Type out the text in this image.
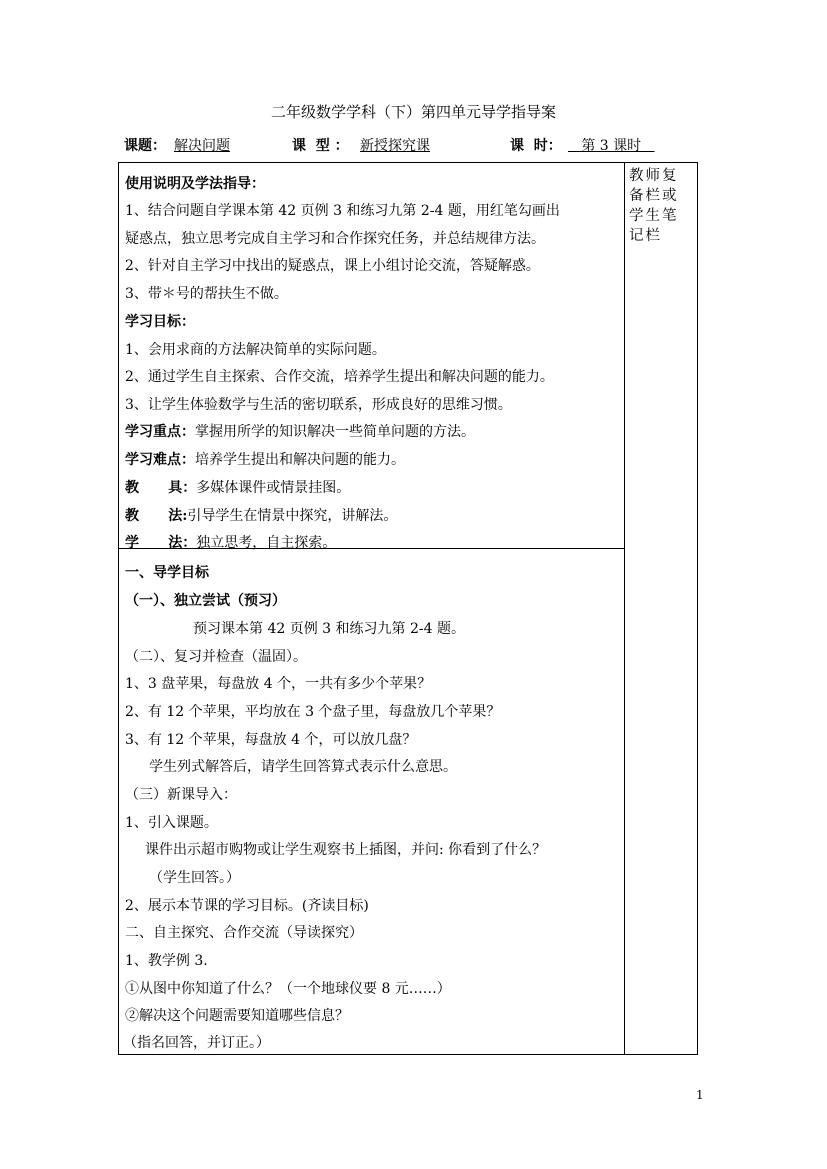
二年级数学学科（下）第四单元导学指导案
课题： 解决问题	课  型 ： 新授探究课	课  时： 第 3 课时
教师复备栏或学生笔记栏
使用说明及学法指导：
1、结合问题自学课本第 42 页例 3 和练习九第 2-4 题，用红笔勾画出
疑惑点，独立思考完成自主学习和合作探究任务，并总结规律方法。
2、针对自主学习中找出的疑惑点，课上小组讨论交流，答疑解惑。
3、带＊号的帮扶生不做。
学习目标：
1、会用求商的方法解决简单的实际问题。
2、通过学生自主探索、合作交流，培养学生提出和解决问题的能力。
3、让学生体验数学与生活的密切联系，形成良好的思维习惯。
学习重点：掌握用所学的知识解决一些简单问题的方法。
学习难点：培养学生提出和解决问题的能力。
教      具：多媒体课件或情景挂图。
教      法:引导学生在情景中探究，讲解法。
学      法：独立思考，自主探索。
一、导学目标
（一）、独立尝试（预习）
预习课本第 42 页例 3 和练习九第 2-4 题。
（二）、复习并检查（温固）。
1、3 盘苹果，每盘放 4 个，一共有多少个苹果？
2、有 12 个苹果，平均放在 3 个盘子里，每盘放几个苹果？
3、有 12 个苹果，每盘放 4 个，可以放几盘？
学生列式解答后，请学生回答算式表示什么意思。
（三）新课导入：
1、引入课题。
课件出示超市购物或让学生观察书上插图，并问: 你看到了什么？
（学生回答。）
2、展示本节课的学习目标。(齐读目标)
二、自主探究、合作交流（导读探究）
1、教学例 3.
①从图中你知道了什么？（一个地球仪要 8 元……）
②解决这个问题需要知道哪些信息？
（指名回答，并订正。）
1
